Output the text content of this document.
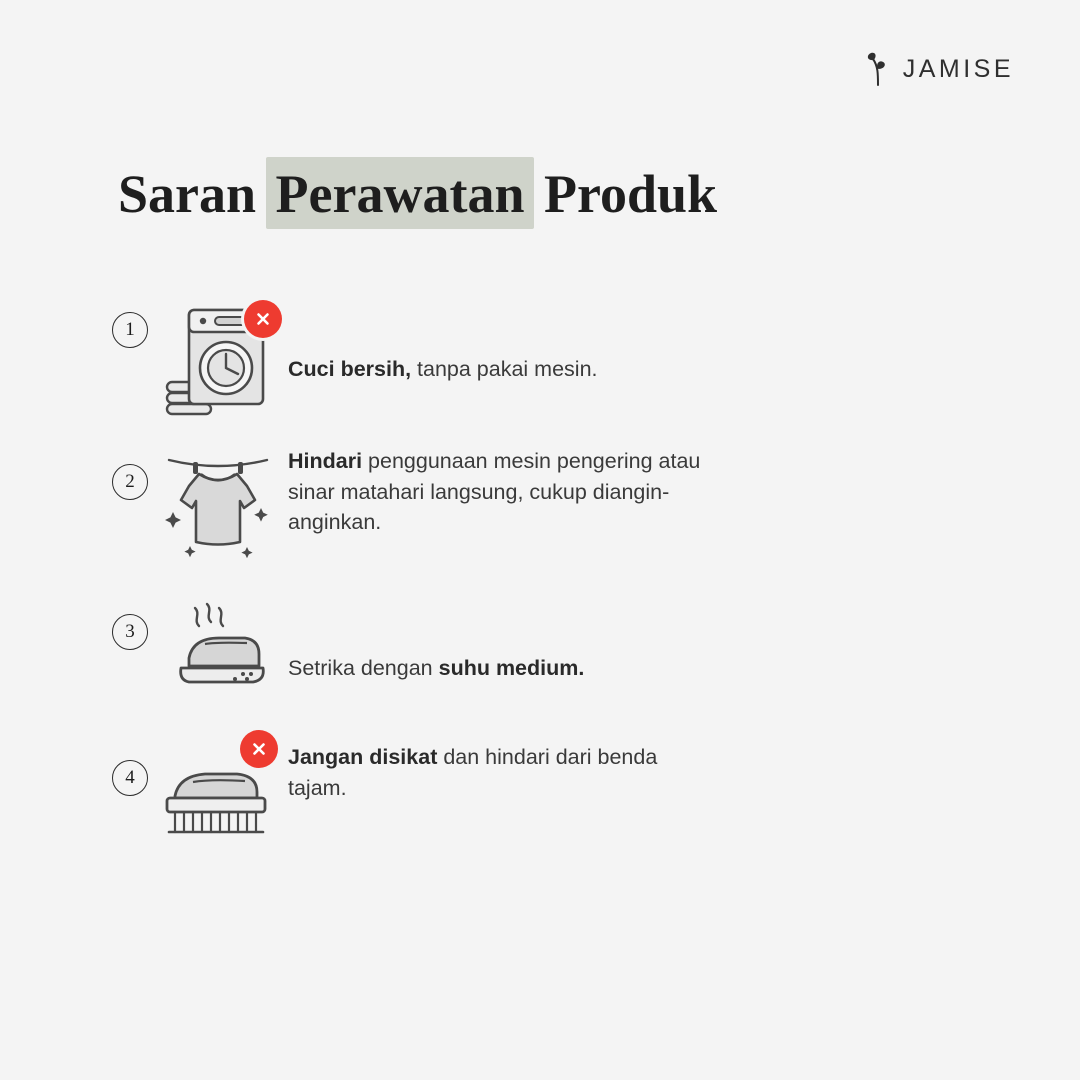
JAMISE
Saran Perawatan Produk
1
Cuci bersih, tanpa pakai mesin.
2
Hindari penggunaan mesin pengering atau sinar matahari langsung, cukup diangin-anginkan.
3
Setrika dengan suhu medium.
4
Jangan disikat dan hindari dari benda tajam.
